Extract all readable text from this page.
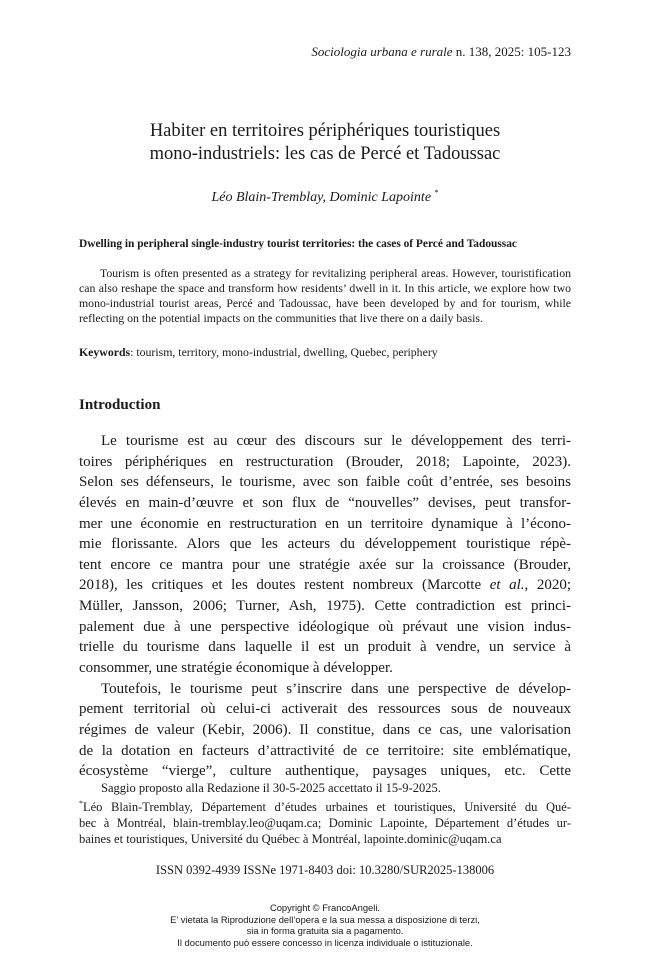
Sociologia urbana e rurale n. 138, 2025: 105-123
Habiter en territoires périphériques touristiques
mono-industriels: les cas de Percé et Tadoussac
Léo Blain-Tremblay, Dominic Lapointe *
Dwelling in peripheral single-industry tourist territories: the cases of Percé and Tadoussac

Tourism is often presented as a strategy for revitalizing peripheral areas. However, touristification can also reshape the space and transform how residents’ dwell in it. In this article, we explore how two mono-industrial tourist areas, Percé and Tadoussac, have been developed by and for tourism, while reflecting on the potential impacts on the communities that live there on a daily basis.

Keywords: tourism, territory, mono-industrial, dwelling, Quebec, periphery
Introduction
Le tourisme est au cœur des discours sur le développement des terri-
toires périphériques en restructuration (Brouder, 2018; Lapointe, 2023).
Selon ses défenseurs, le tourisme, avec son faible coût d’entrée, ses besoins
élevés en main-d’œuvre et son flux de “nouvelles” devises, peut transfor-
mer une économie en restructuration en un territoire dynamique à l’écono-
mie florissante. Alors que les acteurs du développement touristique répè-
tent encore ce mantra pour une stratégie axée sur la croissance (Brouder,
2018), les critiques et les doutes restent nombreux (Marcotte et al., 2020;
Müller, Jansson, 2006; Turner, Ash, 1975). Cette contradiction est princi-
palement due à une perspective idéologique où prévaut une vision indus-
trielle du tourisme dans laquelle il est un produit à vendre, un service à
consommer, une stratégie économique à développer.
Toutefois, le tourisme peut s’inscrire dans une perspective de dévelop-
pement territorial où celui-ci activerait des ressources sous de nouveaux
régimes de valeur (Kebir, 2006). Il constitue, dans ce cas, une valorisation
de la dotation en facteurs d’attractivité de ce territoire: site emblématique,
écosystème “vierge”, culture authentique, paysages uniques, etc. Cette
Saggio proposto alla Redazione il 30-5-2025 accettato il 15-9-2025.
*Léo Blain-Tremblay, Département d’études urbaines et touristiques, Université du Qué-
bec à Montréal, blain-tremblay.leo@uqam.ca; Dominic Lapointe, Département d’études ur-
baines et touristiques, Université du Québec à Montréal, lapointe.dominic@uqam.ca
ISSN 0392-4939 ISSNe 1971-8403 doi: 10.3280/SUR2025-138006
Copyright © FrancoAngeli.
E’ vietata la Riproduzione dell’opera e la sua messa a disposizione di terzi,
sia in forma gratuita sia a pagamento.
Il documento può essere concesso in licenza individuale o istituzionale.
